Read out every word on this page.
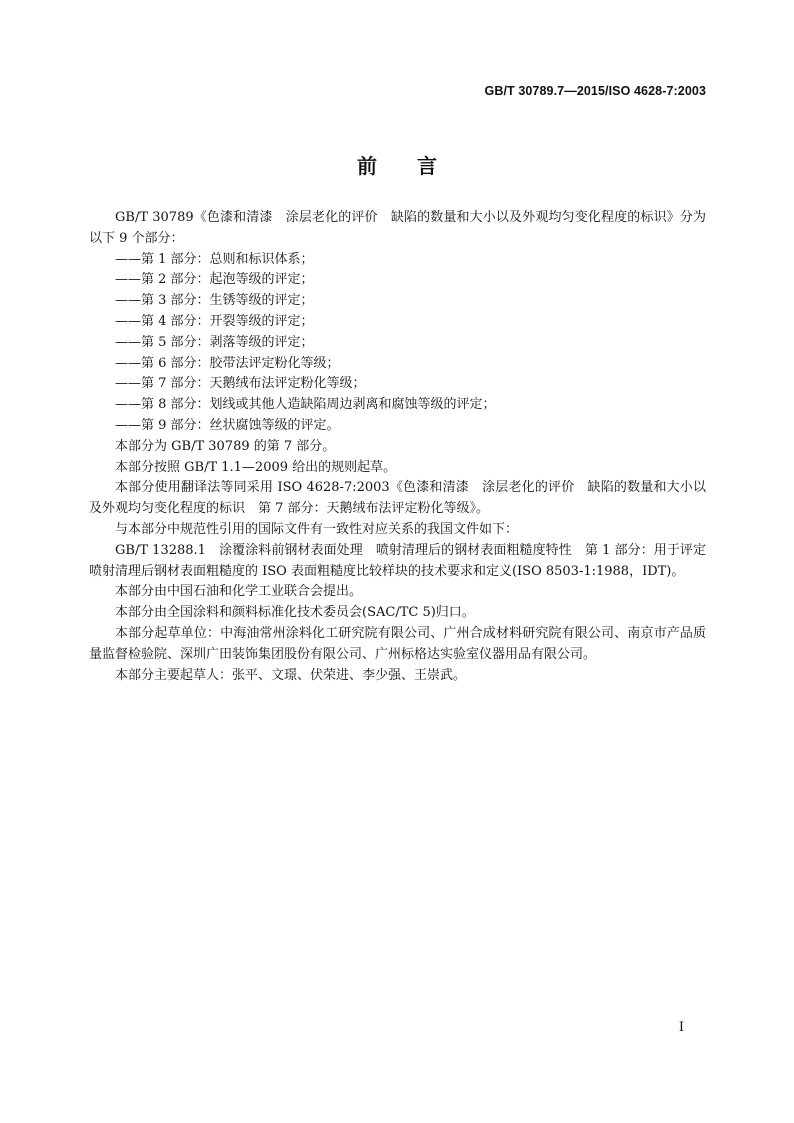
GB/T 30789.7—2015/ISO 4628-7:2003
前言

GB/T 30789《色漆和清漆　涂层老化的评价　缺陷的数量和大小以及外观均匀变化程度的标识》分为以下 9 个部分：

——第 1 部分：总则和标识体系；

——第 2 部分：起泡等级的评定；

——第 3 部分：生锈等级的评定；

——第 4 部分：开裂等级的评定；

——第 5 部分：剥落等级的评定；

——第 6 部分：胶带法评定粉化等级；

——第 7 部分：天鹅绒布法评定粉化等级；

——第 8 部分：划线或其他人造缺陷周边剥离和腐蚀等级的评定；

——第 9 部分：丝状腐蚀等级的评定。

本部分为 GB/T 30789 的第 7 部分。

本部分按照 GB/T 1.1—2009 给出的规则起草。

本部分使用翻译法等同采用 ISO 4628-7:2003《色漆和清漆　涂层老化的评价　缺陷的数量和大小以及外观均匀变化程度的标识　第 7 部分：天鹅绒布法评定粉化等级》。

与本部分中规范性引用的国际文件有一致性对应关系的我国文件如下：

GB/T 13288.1　涂覆涂料前钢材表面处理　喷射清理后的钢材表面粗糙度特性　第 1 部分：用于评定喷射清理后钢材表面粗糙度的 ISO 表面粗糙度比较样块的技术要求和定义(ISO 8503-1:1988，IDT)。

本部分由中国石油和化学工业联合会提出。

本部分由全国涂料和颜料标准化技术委员会(SAC/TC 5)归口。

本部分起草单位：中海油常州涂料化工研究院有限公司、广州合成材料研究院有限公司、南京市产品质量监督检验院、深圳广田装饰集团股份有限公司、广州标格达实验室仪器用品有限公司。

本部分主要起草人：张平、文璟、伏荣进、李少强、王崇武。

I
